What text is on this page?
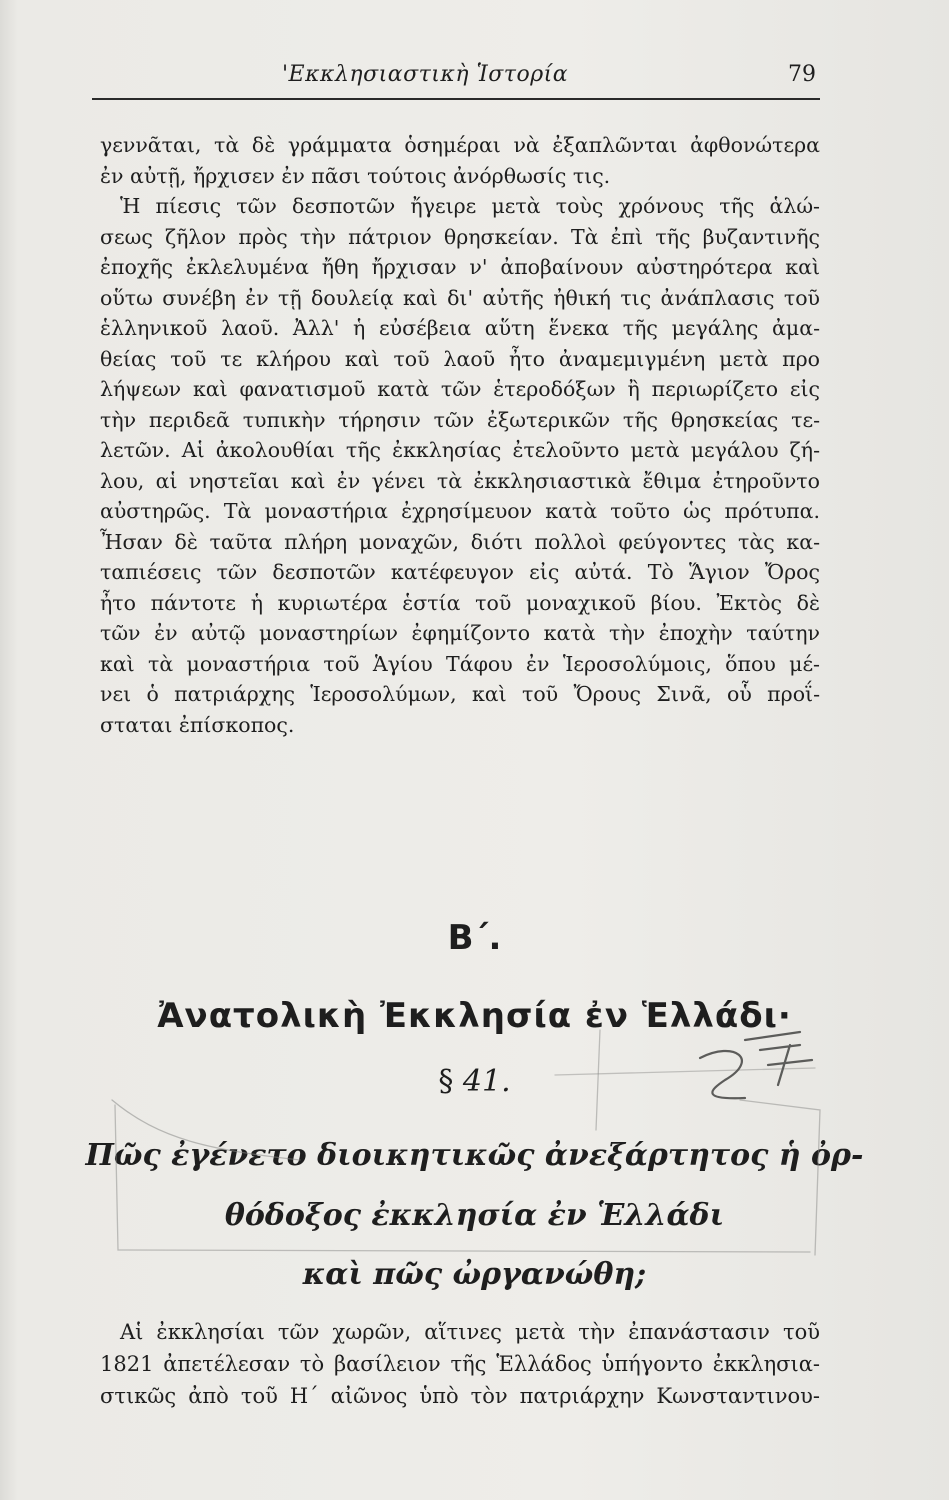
'Εκκλησιαστικὴ Ἱστορία	79
γεννᾶται, τὰ δὲ γράμματα ὁσημέραι νὰ ἐξαπλῶνται ἀφθονώτερα
ἐν αὐτῇ, ἤρχισεν ἐν πᾶσι τούτοις ἀνόρθωσίς τις.
Ἡ πίεσις τῶν δεσποτῶν ἤγειρε μετὰ τοὺς χρόνους τῆς ἁλώ-
σεως ζῆλον πρὸς τὴν πάτριον θρησκείαν. Τὰ ἐπὶ τῆς βυζαντινῆς
ἐποχῆς ἐκλελυμένα ἤθη ἤρχισαν ν' ἀποβαίνουν αὐστηρότερα καὶ
οὕτω συνέβη ἐν τῇ δουλείᾳ καὶ δι' αὐτῆς ἠθική τις ἀνάπλασις τοῦ
ἑλληνικοῦ λαοῦ. Ἀλλ' ἡ εὐσέβεια αὕτη ἕνεκα τῆς μεγάλης ἀμα-
θείας τοῦ τε κλήρου καὶ τοῦ λαοῦ ἦτο ἀναμεμιγμένη μετὰ προ
λήψεων καὶ φανατισμοῦ κατὰ τῶν ἑτεροδόξων ἢ περιωρίζετο εἰς
τὴν περιδεᾶ τυπικὴν τήρησιν τῶν ἐξωτερικῶν τῆς θρησκείας τε-
λετῶν. Αἱ ἀκολουθίαι τῆς ἐκκλησίας ἐτελοῦντο μετὰ μεγάλου ζή-
λου, αἱ νηστεῖαι καὶ ἐν γένει τὰ ἐκκλησιαστικὰ ἔθιμα ἐτηροῦντο
αὐστηρῶς. Τὰ μοναστήρια ἐχρησίμευον κατὰ τοῦτο ὡς πρότυπα.
Ἦσαν δὲ ταῦτα πλήρη μοναχῶν, διότι πολλοὶ φεύγοντες τὰς κα-
ταπιέσεις τῶν δεσποτῶν κατέφευγον εἰς αὐτά. Τὸ Ἅγιον Ὄρος
ἦτο πάντοτε ἡ κυριωτέρα ἑστία τοῦ μοναχικοῦ βίου. Ἐκτὸς δὲ
τῶν ἐν αὐτῷ μοναστηρίων ἐφημίζοντο κατὰ τὴν ἐποχὴν ταύτην
καὶ τὰ μοναστήρια τοῦ Ἁγίου Τάφου ἐν Ἱεροσολύμοις, ὅπου μέ-
νει ὁ πατριάρχης Ἱεροσολύμων, καὶ τοῦ Ὄρους Σινᾶ, οὗ προΐ-
σταται ἐπίσκοπος.
Β΄.
Ἀνατολικὴ Ἐκκλησία ἐν Ἑλλάδι·
§ 41.
Πῶς ἐγένετο διοικητικῶς ἀνεξάρτητος ἡ ὀρ-
θόδοξος ἐκκλησία ἐν Ἑλλάδι
καὶ πῶς ὠργανώθη;
Αἱ ἐκκλησίαι τῶν χωρῶν, αἵτινες μετὰ τὴν ἐπανάστασιν τοῦ
1821 ἀπετέλεσαν τὸ βασίλειον τῆς Ἑλλάδος ὑπήγοντο ἐκκλησια-
στικῶς ἀπὸ τοῦ Η΄ αἰῶνος ὑπὸ τὸν πατριάρχην Κωνσταντινου-
